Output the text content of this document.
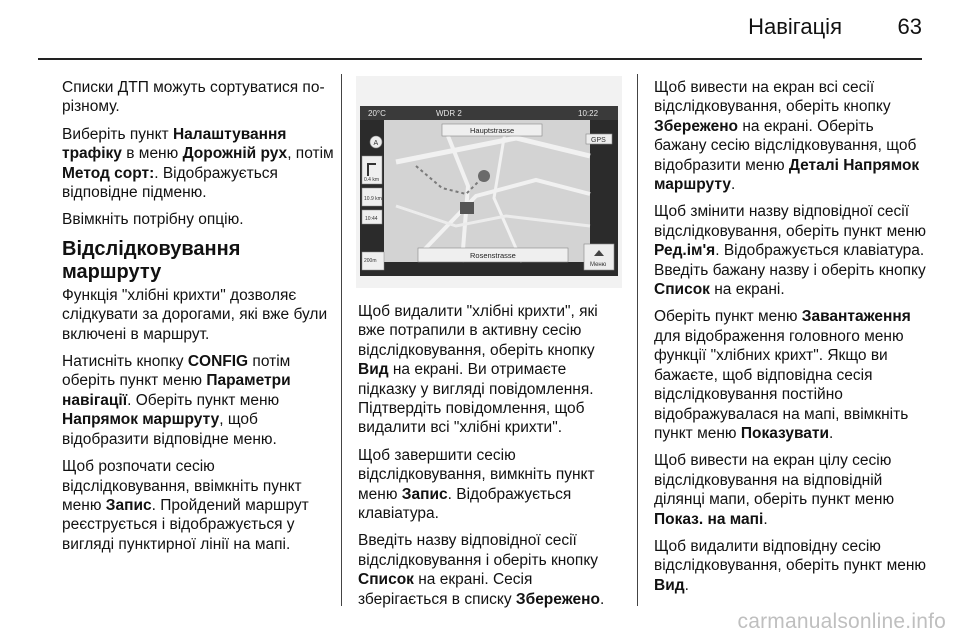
Навігація	63

Списки ДТП можуть сортуватися по-різному.

Виберіть пункт Налаштування трафіку в меню Дорожній рух, потім Метод сорт:. Відображується відповідне підменю.

Ввімкніть потрібну опцію.

Відслідковування маршруту

Функція "хлібні крихти" дозволяє слідкувати за дорогами, які вже були включені в маршрут.

Натисніть кнопку CONFIG потім оберіть пункт меню Параметри навігації. Оберіть пункт меню Напрямок маршруту, щоб відобразити відповідне меню.

Щоб розпочати сесію відслідковування, ввімкніть пункт меню Запис. Пройдений маршрут реєструється і відображується у вигляді пунктирної лінії на мапі.

20°C	WDR 2	10:22
Hauptstrasse
A	GPS
0.4 km
10.9 km
10:44
200m
Rosenstrasse
Меню

Щоб видалити "хлібні крихти", які вже потрапили в активну сесію відслідковування, оберіть кнопку Вид на екрані. Ви отримаєте підказку у вигляді повідомлення. Підтвердіть повідомлення, щоб видалити всі "хлібні крихти".

Щоб завершити сесію відслідковування, вимкніть пункт меню Запис. Відображується клавіатура.

Введіть назву відповідної сесії відслідковування і оберіть кнопку Список на екрані. Сесія зберігається в списку Збережено.

Щоб вивести на екран всі сесії відслідковування, оберіть кнопку Збережено на екрані. Оберіть бажану сесію відслідковування, щоб відобразити меню Деталі Напрямок маршруту.

Щоб змінити назву відповідної сесії відслідковування, оберіть пункт меню Ред.ім'я. Відображується клавіатура. Введіть бажану назву і оберіть кнопку Список на екрані.

Оберіть пункт меню Завантаження для відображення головного меню функції "хлібних крихт". Якщо ви бажаєте, щоб відповідна сесія відслідковування постійно відображувалася на мапі, ввімкніть пункт меню Показувати.

Щоб вивести на екран цілу сесію відслідковування на відповідній ділянці мапи, оберіть пункт меню Показ. на мапі.

Щоб видалити відповідну сесію відслідковування, оберіть пункт меню Вид.

carmanualsonline.info
